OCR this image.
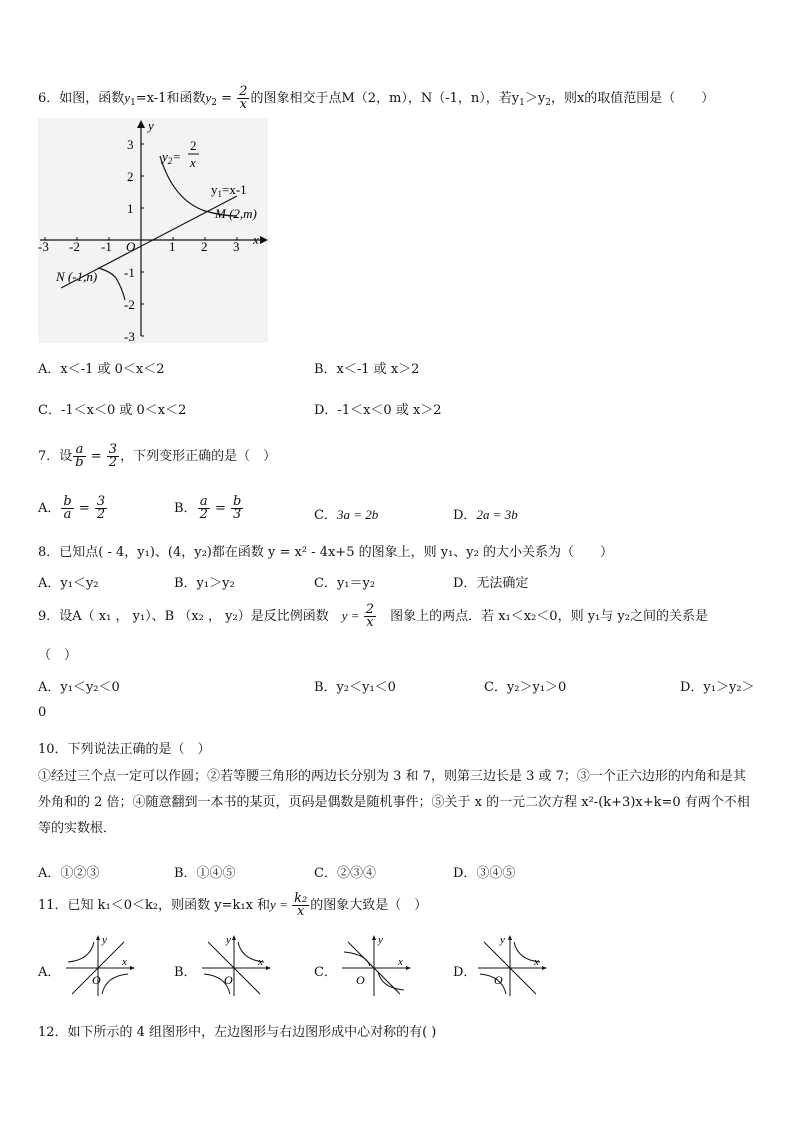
6．如图，函数$y_1=x-1$和函数$y_2 = \frac{2}{x}$ 的图象相交于点M（2，m），N（-1，n），若$y_1>y_2$，则x的取值范围是（　　）
y
x
O
-3 -2 -1	1 2 3
3
2
1
-1
-2
-3
$y_2=$
2
x
$y_1=x-1$
M (2,m)
N (-1,n)
A．x＜-1 或 0＜x＜2	B．x＜-1 或 x＞2
C．-1＜x＜0 或 0＜x＜2	D．-1＜x＜0 或 x＞2
7．设 $\frac{a}{b} = \frac{3}{2}$ ，下列变形正确的是（　）
A． $\frac{b}{a} = \frac{3}{2}$	B． $\frac{a}{2} = \frac{b}{3}$	C．3a = 2b	D．2a = 3b
8．已知点( - 4，y₁)、(4，y₂)都在函数 y = x² - 4x+5 的图象上，则 y₁、y₂ 的大小关系为（　　）
A．y₁＜y₂	B．y₁＞y₂	C．y₁＝y₂	D．无法确定
9．设A（ x₁ ， y₁）、B （x₂ ， y₂）是反比例函数　 $y = \frac{2}{x}$
　 图象上的两点．若 x₁＜x₂＜0，则 y₁与 y₂之间的关系是
（　）
A．y₁＜y₂＜0	B．y₂＜y₁＜0	C．y₂＞y₁＞0	D．y₁＞y₂＞
0
10．下列说法正确的是（　）
①经过三个点一定可以作圆；②若等腰三角形的两边长分别为 3 和 7，则第三边长是 3 或 7；③一个正六边形的内角和是其外角和的 2 倍；④随意翻到一本书的某页，页码是偶数是随机事件；⑤关于 x 的一元二次方程 x²-(k+3)x+k=0 有两个不相等的实数根．
A．①②③	B．①④⑤	C．②③④	D．③④⑤
11．已知 k₁＜0＜k₂，则函数 y=k₁x 和$y = \frac{\text{k₂}}{x}$ 的图象大致是（　）
A．
y
x
O	B．
y
x
O	C．
y
x
O	D．
y
x
O
12．如下所示的 4 组图形中，左边图形与右边图形成中心对称的有( )
